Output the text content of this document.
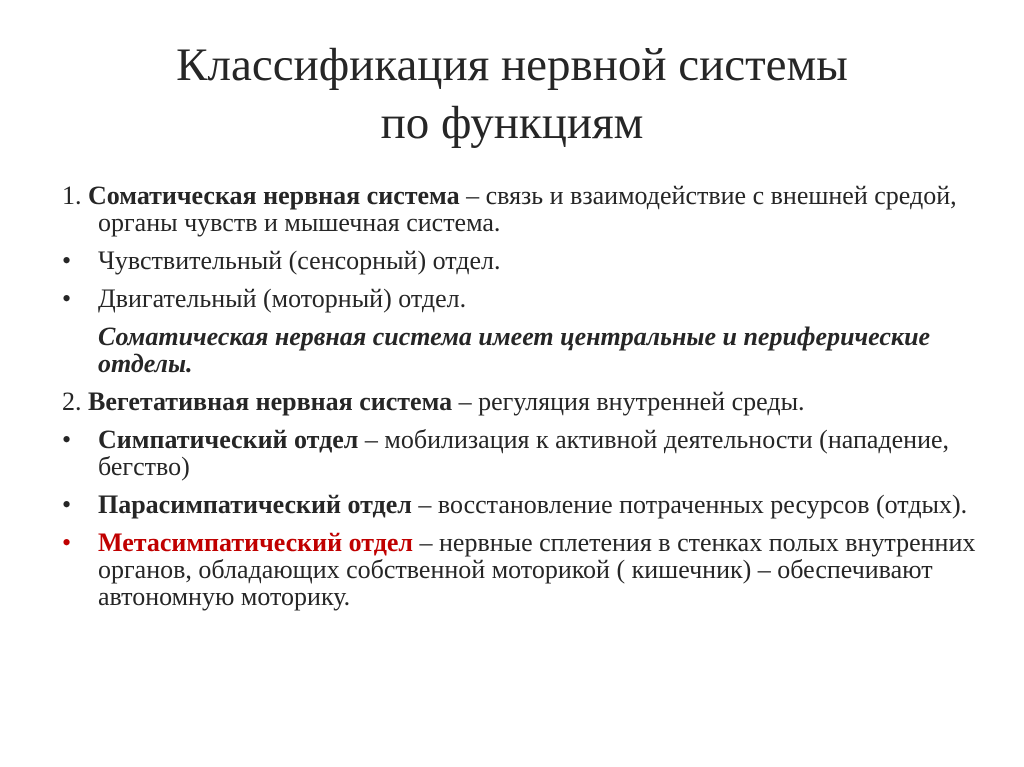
Классификация нервной системы
по функциям
1. Соматическая нервная система – связь и взаимодействие с внешней средой, органы чувств и мышечная система.
•	Чувствительный (сенсорный) отдел.
•	Двигательный (моторный) отдел.
Соматическая нервная система имеет центральные и периферические отделы.
2. Вегетативная нервная система – регуляция внутренней среды.
•	Симпатический отдел – мобилизация к активной деятельности (нападение, бегство)
•	Парасимпатический отдел – восстановление потраченных ресурсов (отдых).
•	Метасимпатический отдел – нервные сплетения в стенках полых внутренних органов, обладающих собственной моторикой ( кишечник) – обеспечивают автономную моторику.
